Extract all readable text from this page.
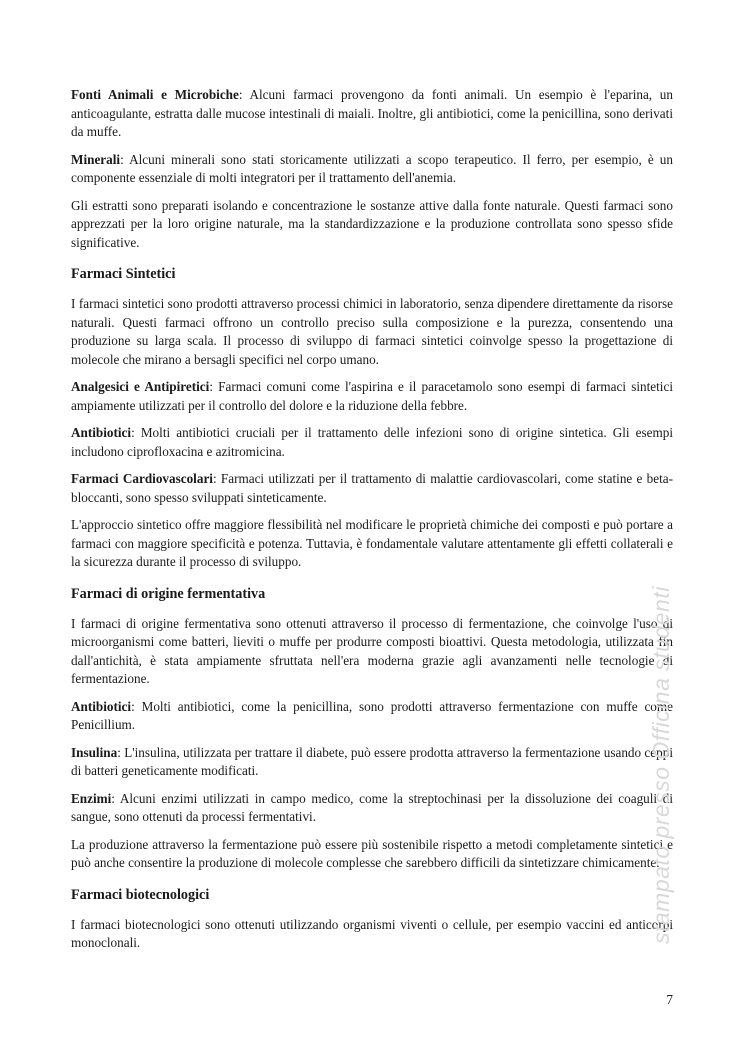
Fonti Animali e Microbiche: Alcuni farmaci provengono da fonti animali. Un esempio è l'eparina, un anticoagulante, estratta dalle mucose intestinali di maiali. Inoltre, gli antibiotici, come la penicillina, sono derivati da muffe.

Minerali: Alcuni minerali sono stati storicamente utilizzati a scopo terapeutico. Il ferro, per esempio, è un componente essenziale di molti integratori per il trattamento dell'anemia.

Gli estratti sono preparati isolando e concentrazione le sostanze attive dalla fonte naturale. Questi farmaci sono apprezzati per la loro origine naturale, ma la standardizzazione e la produzione controllata sono spesso sfide significative.

Farmaci Sintetici

I farmaci sintetici sono prodotti attraverso processi chimici in laboratorio, senza dipendere direttamente da risorse naturali. Questi farmaci offrono un controllo preciso sulla composizione e la purezza, consentendo una produzione su larga scala. Il processo di sviluppo di farmaci sintetici coinvolge spesso la progettazione di molecole che mirano a bersagli specifici nel corpo umano.

Analgesici e Antipiretici: Farmaci comuni come l'aspirina e il paracetamolo sono esempi di farmaci sintetici ampiamente utilizzati per il controllo del dolore e la riduzione della febbre.

Antibiotici: Molti antibiotici cruciali per il trattamento delle infezioni sono di origine sintetica. Gli esempi includono ciprofloxacina e azitromicina.

Farmaci Cardiovascolari: Farmaci utilizzati per il trattamento di malattie cardiovascolari, come statine e beta-bloccanti, sono spesso sviluppati sinteticamente.

L'approccio sintetico offre maggiore flessibilità nel modificare le proprietà chimiche dei composti e può portare a farmaci con maggiore specificità e potenza. Tuttavia, è fondamentale valutare attentamente gli effetti collaterali e la sicurezza durante il processo di sviluppo.

Farmaci di origine fermentativa

I farmaci di origine fermentativa sono ottenuti attraverso il processo di fermentazione, che coinvolge l'uso di microorganismi come batteri, lieviti o muffe per produrre composti bioattivi. Questa metodologia, utilizzata fin dall'antichità, è stata ampiamente sfruttata nell'era moderna grazie agli avanzamenti nelle tecnologie di fermentazione.

Antibiotici: Molti antibiotici, come la penicillina, sono prodotti attraverso fermentazione con muffe come Penicillium.

Insulina: L'insulina, utilizzata per trattare il diabete, può essere prodotta attraverso la fermentazione usando ceppi di batteri geneticamente modificati.

Enzimi: Alcuni enzimi utilizzati in campo medico, come la streptochinasi per la dissoluzione dei coaguli di sangue, sono ottenuti da processi fermentativi.

La produzione attraverso la fermentazione può essere più sostenibile rispetto a metodi completamente sintetici e può anche consentire la produzione di molecole complesse che sarebbero difficili da sintetizzare chimicamente.

Farmaci biotecnologici

I farmaci biotecnologici sono ottenuti utilizzando organismi viventi o cellule, per esempio vaccini ed anticorpi monoclonali.	stampato presso Officina studenti
7
